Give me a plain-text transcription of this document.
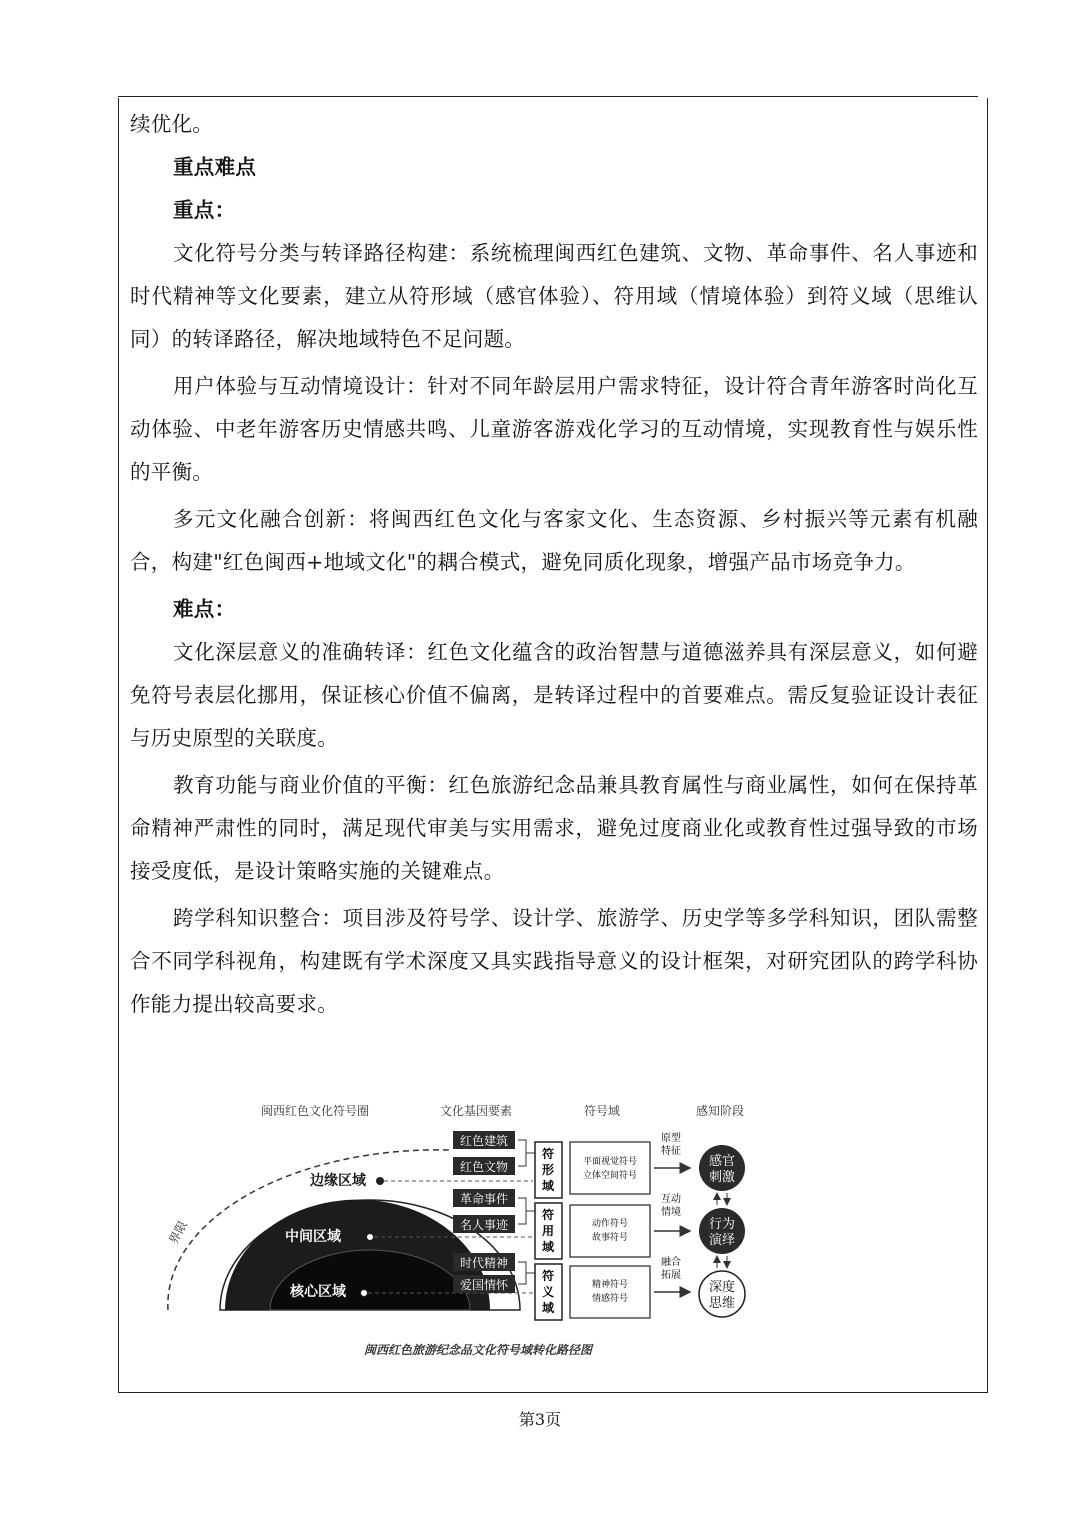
续优化。

重点难点

重点：

文化符号分类与转译路径构建：系统梳理闽西红色建筑、文物、革命事件、名人事迹和时代精神等文化要素，建立从符形域（感官体验）、符用域（情境体验）到符义域（思维认同）的转译路径，解决地域特色不足问题。

用户体验与互动情境设计：针对不同年龄层用户需求特征，设计符合青年游客时尚化互动体验、中老年游客历史情感共鸣、儿童游客游戏化学习的互动情境，实现教育性与娱乐性的平衡。

多元文化融合创新：将闽西红色文化与客家文化、生态资源、乡村振兴等元素有机融合，构建"红色闽西+地域文化"的耦合模式，避免同质化现象，增强产品市场竞争力。

难点：

文化深层意义的准确转译：红色文化蕴含的政治智慧与道德滋养具有深层意义，如何避免符号表层化挪用，保证核心价值不偏离，是转译过程中的首要难点。需反复验证设计表征与历史原型的关联度。

教育功能与商业价值的平衡：红色旅游纪念品兼具教育属性与商业属性，如何在保持革命精神严肃性的同时，满足现代审美与实用需求，避免过度商业化或教育性过强导致的市场接受度低，是设计策略实施的关键难点。

跨学科知识整合：项目涉及符号学、设计学、旅游学、历史学等多学科知识，团队需整合不同学科视角，构建既有学术深度又具实践指导意义的设计框架，对研究团队的跨学科协作能力提出较高要求。

闽西红色文化符号圈	文化基因要素	符号域	感知阶段
界限
边缘区域
中间区域
核心区域
红色建筑
红色文物
革命事件
名人事迹
时代精神
爱国情怀
符
形
域
平面视觉符号
立体空间符号
符
用
域
动作符号
故事符号
符
义
域
精神符号
情感符号
原型
特征
互动
情境
融合
拓展
感官
刺激
行为
演绎
深度
思维
闽西红色旅游纪念品文化符号域转化路径图
第3页
